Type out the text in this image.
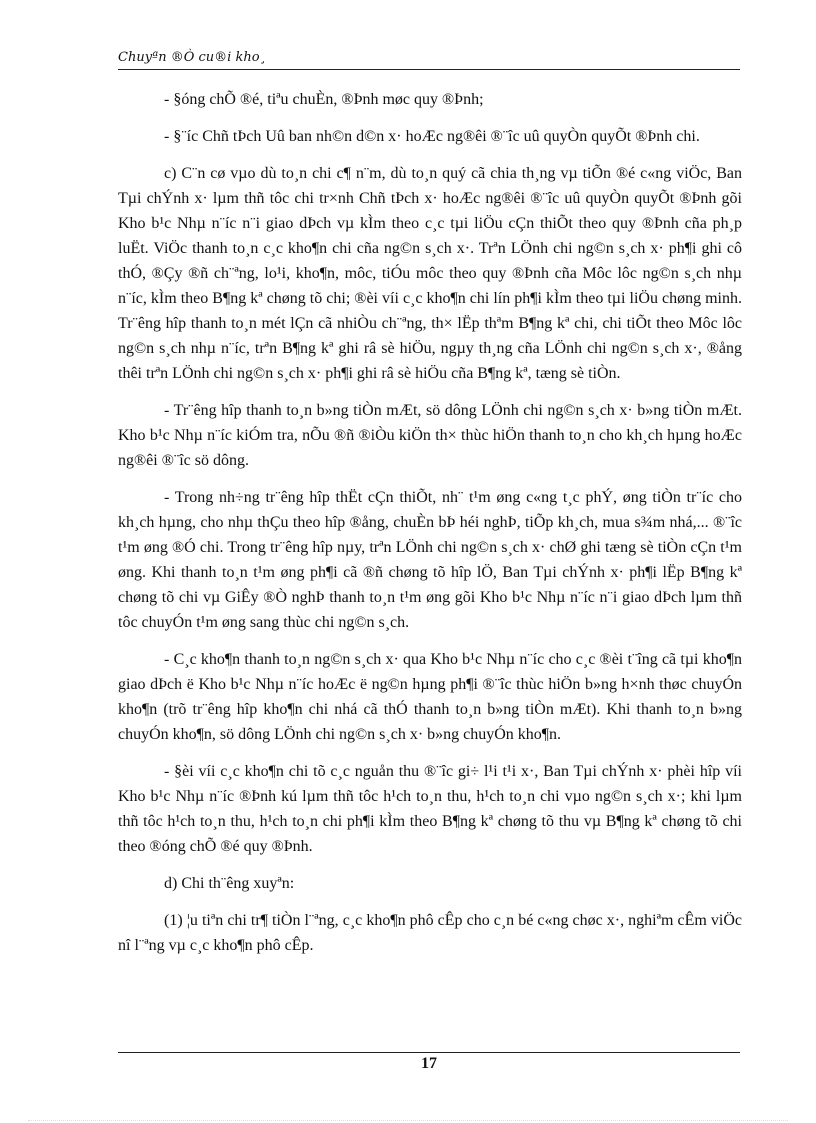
Chuyªn ®Ò cu®i kho¸

- §óng chÕ ®é, tiªu chuÈn, ®Þnh møc quy ®Þnh;

- §¨íc Chñ tÞch Uû ban nh©n d©n x· hoÆc ng®êi ®¨îc uû quyÒn quyÕt ®Þnh chi.

c) C¨n cø vµo dù to¸n chi c¶ n¨m, dù to¸n quý cã chia th¸ng vµ tiÕn ®é c«ng viÖc, Ban Tµi chÝnh x· lµm thñ tôc chi tr×nh Chñ tÞch x· hoÆc ng®êi ®¨îc uû quyÒn quyÕt ®Þnh gõi Kho b¹c Nhµ n¨íc n¨i giao dÞch vµ kÌm theo c¸c tµi liÖu cÇn thiÕt theo quy ®Þnh cña ph¸p luËt. ViÖc thanh to¸n c¸c kho¶n chi cña ng©n s¸ch x·. Trªn LÖnh chi ng©n s¸ch x· ph¶i ghi cô thÓ, ®Çy ®ñ ch¨ªng, lo¹i, kho¶n, môc, tiÓu môc theo quy ®Þnh cña Môc lôc ng©n s¸ch nhµ n¨íc, kÌm theo B¶ng kª chøng tõ chi; ®èi víi c¸c kho¶n chi lín ph¶i kÌm theo tµi liÖu chøng minh. Tr¨êng hîp thanh to¸n mét lÇn cã nhiÒu ch¨ªng, th× lËp thªm B¶ng kª chi, chi tiÕt theo Môc lôc ng©n s¸ch nhµ n¨íc, trªn B¶ng kª ghi râ sè hiÖu, ngµy th¸ng cña LÖnh chi ng©n s¸ch x·, ®ång thêi trªn LÖnh chi ng©n s¸ch x· ph¶i ghi râ sè hiÖu cña B¶ng kª, tæng sè tiÒn.

- Tr¨êng hîp thanh to¸n b»ng tiÒn mÆt, sö dông LÖnh chi ng©n s¸ch x· b»ng tiÒn mÆt. Kho b¹c Nhµ n¨íc kiÓm tra, nÕu ®ñ ®iÒu kiÖn th× thùc hiÖn thanh to¸n cho kh¸ch hµng hoÆc ng®êi ®¨îc sö dông.

- Trong nh÷ng tr¨êng hîp thËt cÇn thiÕt, nh¨ t¹m øng c«ng t¸c phÝ, øng tiÒn tr¨íc cho kh¸ch hµng, cho nhµ thÇu theo hîp ®ång, chuÈn bÞ héi nghÞ, tiÕp kh¸ch, mua s¾m nhá,... ®¨îc t¹m øng ®Ó chi. Trong tr¨êng hîp nµy, trªn LÖnh chi ng©n s¸ch x· chØ ghi tæng sè tiÒn cÇn t¹m øng. Khi thanh to¸n t¹m øng ph¶i cã ®ñ chøng tõ hîp lÖ, Ban Tµi chÝnh x· ph¶i lËp B¶ng kª chøng tõ chi vµ GiÊy ®Ò nghÞ thanh to¸n t¹m øng gõi Kho b¹c Nhµ n¨íc n¨i giao dÞch lµm thñ tôc chuyÓn t¹m øng sang thùc chi ng©n s¸ch.

- C¸c kho¶n thanh to¸n ng©n s¸ch x· qua Kho b¹c Nhµ n¨íc cho c¸c ®èi t¨îng cã tµi kho¶n giao dÞch ë Kho b¹c Nhµ n¨íc hoÆc ë ng©n hµng ph¶i ®¨îc thùc hiÖn b»ng h×nh thøc chuyÓn kho¶n (trõ tr¨êng hîp kho¶n chi nhá cã thÓ thanh to¸n b»ng tiÒn mÆt). Khi thanh to¸n b»ng chuyÓn kho¶n, sö dông LÖnh chi ng©n s¸ch x· b»ng chuyÓn kho¶n.

- §èi víi c¸c kho¶n chi tõ c¸c nguån thu ®¨îc gi÷ l¹i t¹i x·, Ban Tµi chÝnh x· phèi hîp víi Kho b¹c Nhµ n¨íc ®Þnh kú lµm thñ tôc h¹ch to¸n thu, h¹ch to¸n chi vµo ng©n s¸ch x·; khi lµm thñ tôc h¹ch to¸n thu, h¹ch to¸n chi ph¶i kÌm theo B¶ng kª chøng tõ thu vµ B¶ng kª chøng tõ chi theo ®óng chÕ ®é quy ®Þnh.

d) Chi th¨êng xuyªn:

(1) ¦u tiªn chi tr¶ tiÒn l¨ªng, c¸c kho¶n phô cÊp cho c¸n bé c«ng chøc x·, nghiªm cÊm viÖc nî l¨ªng vµ c¸c kho¶n phô cÊp.

17
